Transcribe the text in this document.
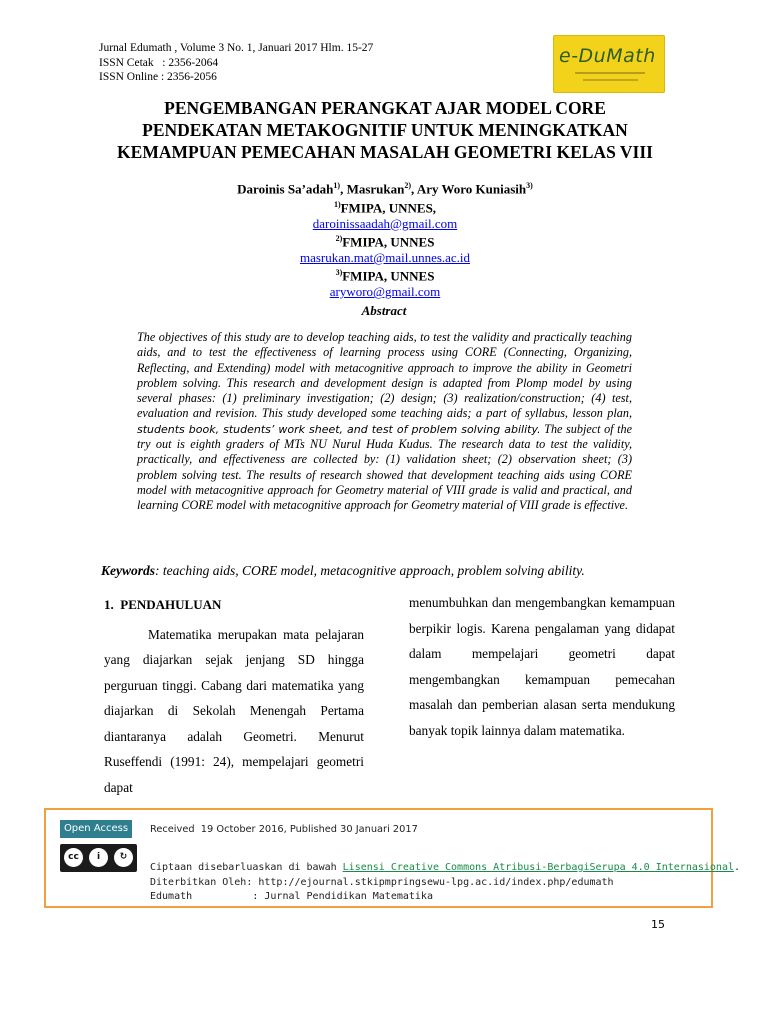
Jurnal Edumath , Volume 3 No. 1, Januari 2017 Hlm. 15-27
ISSN Cetak   : 2356-2064
ISSN Online : 2356-2056
e-DuMath
PENGEMBANGAN PERANGKAT AJAR MODEL CORE
PENDEKATAN METAKOGNITIF UNTUK MENINGKATKAN
KEMAMPUAN PEMECAHAN MASALAH GEOMETRI KELAS VIII
Daroinis Sa’adah$^{1)}$, Masrukan$^{2)}$, Ary Woro Kuniasih$^{3)}$
$^{1)}$FMIPA, UNNES,
daroinissaadah@gmail.com
$^{2)}$FMIPA, UNNES
masrukan.mat@mail.unnes.ac.id
$^{3)}$FMIPA, UNNES
aryworo@gmail.com
Abstract
The objectives of this study are to develop teaching aids, to test the validity and practically teaching aids, and to test the effectiveness of learning process using CORE (Connecting, Organizing, Reflecting, and Extending) model with metacognitive approach to improve the ability in Geometri problem solving. This research and development design is adapted from Plomp model by using several phases: (1) preliminary investigation; (2) design; (3) realization/construction; (4) test, evaluation and revision. This study developed some teaching aids; a part of syllabus, lesson plan, students book, students’ work sheet, and test of problem solving ability. The subject of the try out is eighth graders of MTs NU Nurul Huda Kudus. The research data to test the validity, practically, and effectiveness are collected by: (1) validation sheet; (2) observation sheet; (3) problem solving test. The results of research showed that development teaching aids using CORE model with metacognitive approach for Geometry material of VIII grade is valid and practical, and learning CORE model with metacognitive approach for Geometry material of VIII grade is effective.
Keywords: teaching aids, CORE model, metacognitive approach, problem solving ability.
1.  PENDAHULUAN
Matematika merupakan mata pelajaran yang diajarkan sejak jenjang SD hingga perguruan tinggi. Cabang dari matematika yang diajarkan di Sekolah Menengah Pertama diantaranya adalah Geometri. Menurut Ruseffendi (1991: 24), mempelajari geometri dapat
menumbuhkan dan mengembangkan kemampuan berpikir logis. Karena pengalaman yang didapat dalam mempelajari geometri dapat mengembangkan kemampuan pemecahan masalah dan pemberian alasan serta mendukung banyak topik lainnya dalam matematika.
Open Access	Received  19 October 2016, Published 30 Januari 2017
cc	i	↻
Ciptaan disebarluaskan di bawah Lisensi Creative Commons Atribusi-BerbagiSerupa 4.0 Internasional.
Diterbitkan Oleh: http://ejournal.stkipmpringsewu-lpg.ac.id/index.php/edumath
Edumath          : Jurnal Pendidikan Matematika
15
